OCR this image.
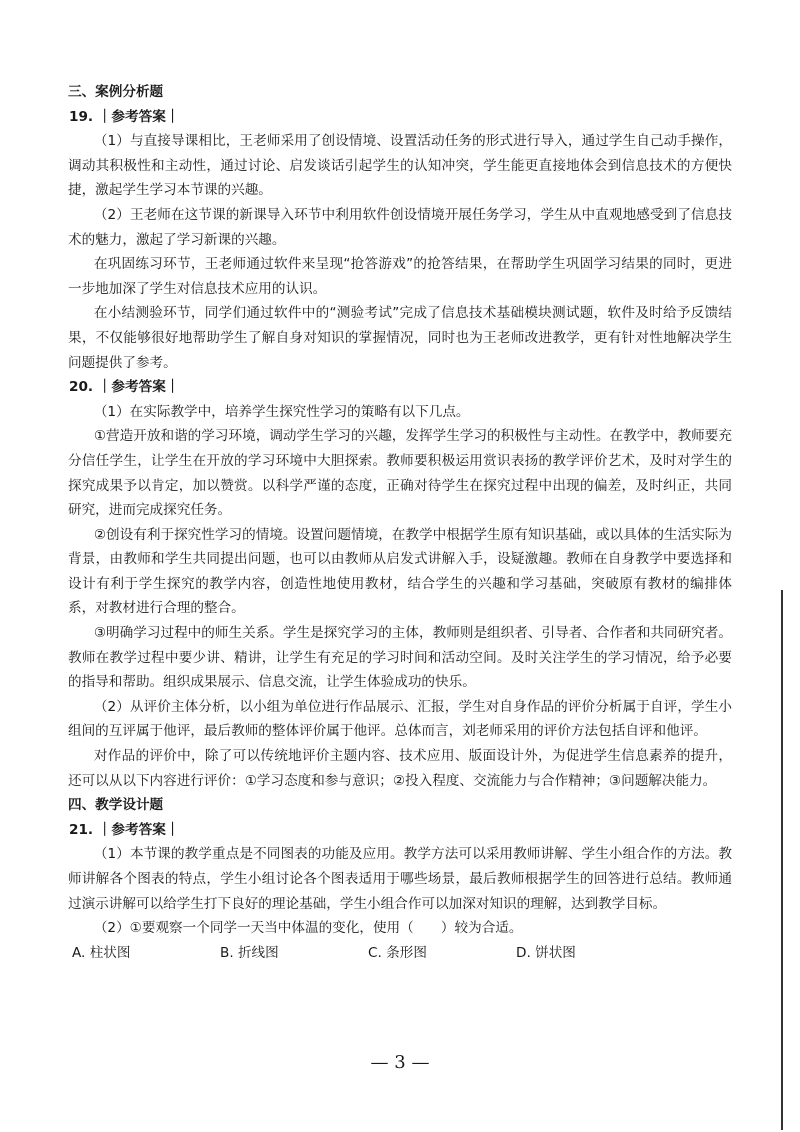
三、案例分析题

19. ｜参考答案｜

（1）与直接导课相比，王老师采用了创设情境、设置活动任务的形式进行导入，通过学生自己动手操作，调动其积极性和主动性，通过讨论、启发谈话引起学生的认知冲突，学生能更直接地体会到信息技术的方便快捷，激起学生学习本节课的兴趣。

（2）王老师在这节课的新课导入环节中利用软件创设情境开展任务学习，学生从中直观地感受到了信息技术的魅力，激起了学习新课的兴趣。

在巩固练习环节，王老师通过软件来呈现“抢答游戏”的抢答结果，在帮助学生巩固学习结果的同时，更进一步地加深了学生对信息技术应用的认识。

在小结测验环节，同学们通过软件中的“测验考试”完成了信息技术基础模块测试题，软件及时给予反馈结果，不仅能够很好地帮助学生了解自身对知识的掌握情况，同时也为王老师改进教学，更有针对性地解决学生问题提供了参考。

20. ｜参考答案｜

（1）在实际教学中，培养学生探究性学习的策略有以下几点。

①营造开放和谐的学习环境，调动学生学习的兴趣，发挥学生学习的积极性与主动性。在教学中，教师要充分信任学生，让学生在开放的学习环境中大胆探索。教师要积极运用赏识表扬的教学评价艺术，及时对学生的探究成果予以肯定，加以赞赏。以科学严谨的态度，正确对待学生在探究过程中出现的偏差，及时纠正，共同研究，进而完成探究任务。

②创设有利于探究性学习的情境。设置问题情境，在教学中根据学生原有知识基础，或以具体的生活实际为背景，由教师和学生共同提出问题，也可以由教师从启发式讲解入手，设疑激趣。教师在自身教学中要选择和设计有利于学生探究的教学内容，创造性地使用教材，结合学生的兴趣和学习基础，突破原有教材的编排体系，对教材进行合理的整合。

③明确学习过程中的师生关系。学生是探究学习的主体，教师则是组织者、引导者、合作者和共同研究者。教师在教学过程中要少讲、精讲，让学生有充足的学习时间和活动空间。及时关注学生的学习情况，给予必要的指导和帮助。组织成果展示、信息交流，让学生体验成功的快乐。

（2）从评价主体分析，以小组为单位进行作品展示、汇报，学生对自身作品的评价分析属于自评，学生小组间的互评属于他评，最后教师的整体评价属于他评。总体而言，刘老师采用的评价方法包括自评和他评。

对作品的评价中，除了可以传统地评价主题内容、技术应用、版面设计外，为促进学生信息素养的提升，还可以从以下内容进行评价：①学习态度和参与意识；②投入程度、交流能力与合作精神；③问题解决能力。

四、教学设计题

21. ｜参考答案｜

（1）本节课的教学重点是不同图表的功能及应用。教学方法可以采用教师讲解、学生小组合作的方法。教师讲解各个图表的特点，学生小组讨论各个图表适用于哪些场景，最后教师根据学生的回答进行总结。教师通过演示讲解可以给学生打下良好的理论基础，学生小组合作可以加深对知识的理解，达到教学目标。

（2）①要观察一个同学一天当中体温的变化，使用（　　）较为合适。

A. 柱状图	B. 折线图	C. 条形图	D. 饼状图
— 3 —
